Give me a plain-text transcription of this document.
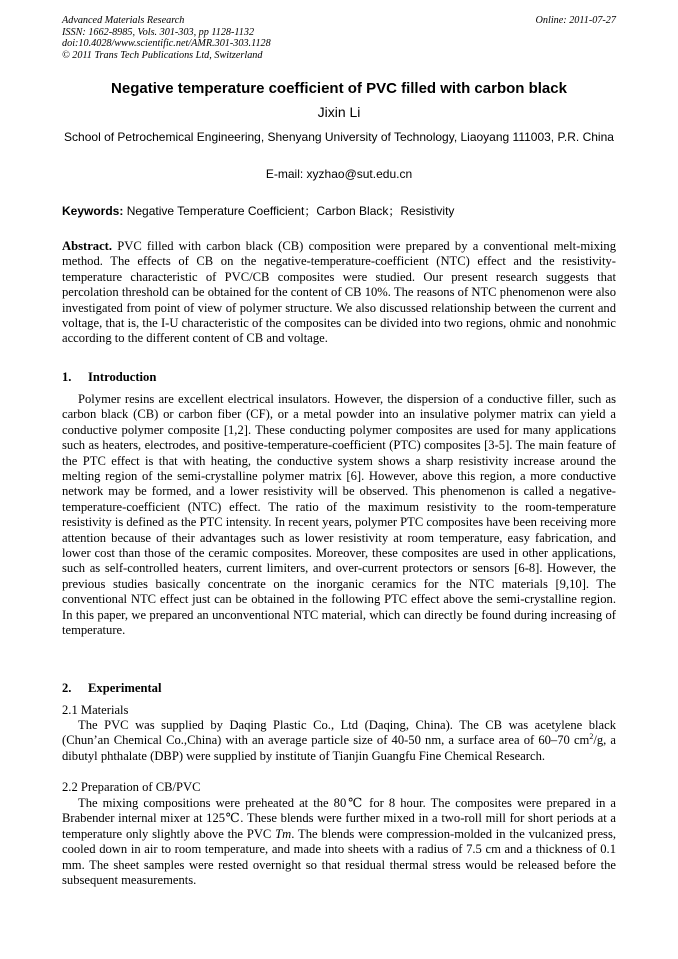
Advanced Materials Research
ISSN: 1662-8985, Vols. 301-303, pp 1128-1132
doi:10.4028/www.scientific.net/AMR.301-303.1128
© 2011 Trans Tech Publications Ltd, Switzerland
Online: 2011-07-27
Negative temperature coefficient of PVC filled with carbon black
Jixin Li
School of Petrochemical Engineering, Shenyang University of Technology, Liaoyang 111003, P.R. China
E-mail: xyzhao@sut.edu.cn
Keywords: Negative Temperature Coefficient；Carbon Black；Resistivity
Abstract. PVC filled with carbon black (CB) composition were prepared by a conventional melt-mixing method. The effects of CB on the negative-temperature-coefficient (NTC) effect and the resistivity-temperature characteristic of PVC/CB composites were studied. Our present research suggests that percolation threshold can be obtained for the content of CB 10%. The reasons of NTC phenomenon were also investigated from point of view of polymer structure. We also discussed relationship between the current and voltage, that is, the I-U characteristic of the composites can be divided into two regions, ohmic and nonohmic according to the different content of CB and voltage.
1. Introduction
Polymer resins are excellent electrical insulators. However, the dispersion of a conductive filler, such as carbon black (CB) or carbon fiber (CF), or a metal powder into an insulative polymer matrix can yield a conductive polymer composite [1,2]. These conducting polymer composites are used for many applications such as heaters, electrodes, and positive-temperature-coefficient (PTC) composites [3-5]. The main feature of the PTC effect is that with heating, the conductive system shows a sharp resistivity increase around the melting region of the semi-crystalline polymer matrix [6]. However, above this region, a more conductive network may be formed, and a lower resistivity will be observed. This phenomenon is called a negative-temperature-coefficient (NTC) effect. The ratio of the maximum resistivity to the room-temperature resistivity is defined as the PTC intensity. In recent years, polymer PTC composites have been receiving more attention because of their advantages such as lower resistivity at room temperature, easy fabrication, and lower cost than those of the ceramic composites. Moreover, these composites are used in other applications, such as self-controlled heaters, current limiters, and over-current protectors or sensors [6-8]. However, the previous studies basically concentrate on the inorganic ceramics for the NTC materials [9,10]. The conventional NTC effect just can be obtained in the following PTC effect above the semi-crystalline region. In this paper, we prepared an unconventional NTC material, which can directly be found during increasing of temperature.
2. Experimental
2.1 Materials
The PVC was supplied by Daqing Plastic Co., Ltd (Daqing, China). The CB was acetylene black (Chun’an Chemical Co.,China) with an average particle size of 40-50 nm, a surface area of 60–70 $cm^2/g$, a dibutyl phthalate (DBP) were supplied by institute of Tianjin Guangfu Fine Chemical Research.
2.2 Preparation of CB/PVC
The mixing compositions were preheated at the 80℃ for 8 hour. The composites were prepared in a Brabender internal mixer at 125℃. These blends were further mixed in a two-roll mill for short periods at a temperature only slightly above the PVC Tm. The blends were compression-molded in the vulcanized press, cooled down in air to room temperature, and made into sheets with a radius of 7.5 cm and a thickness of 0.1 mm. The sheet samples were rested overnight so that residual thermal stress would be released before the subsequent measurements.
